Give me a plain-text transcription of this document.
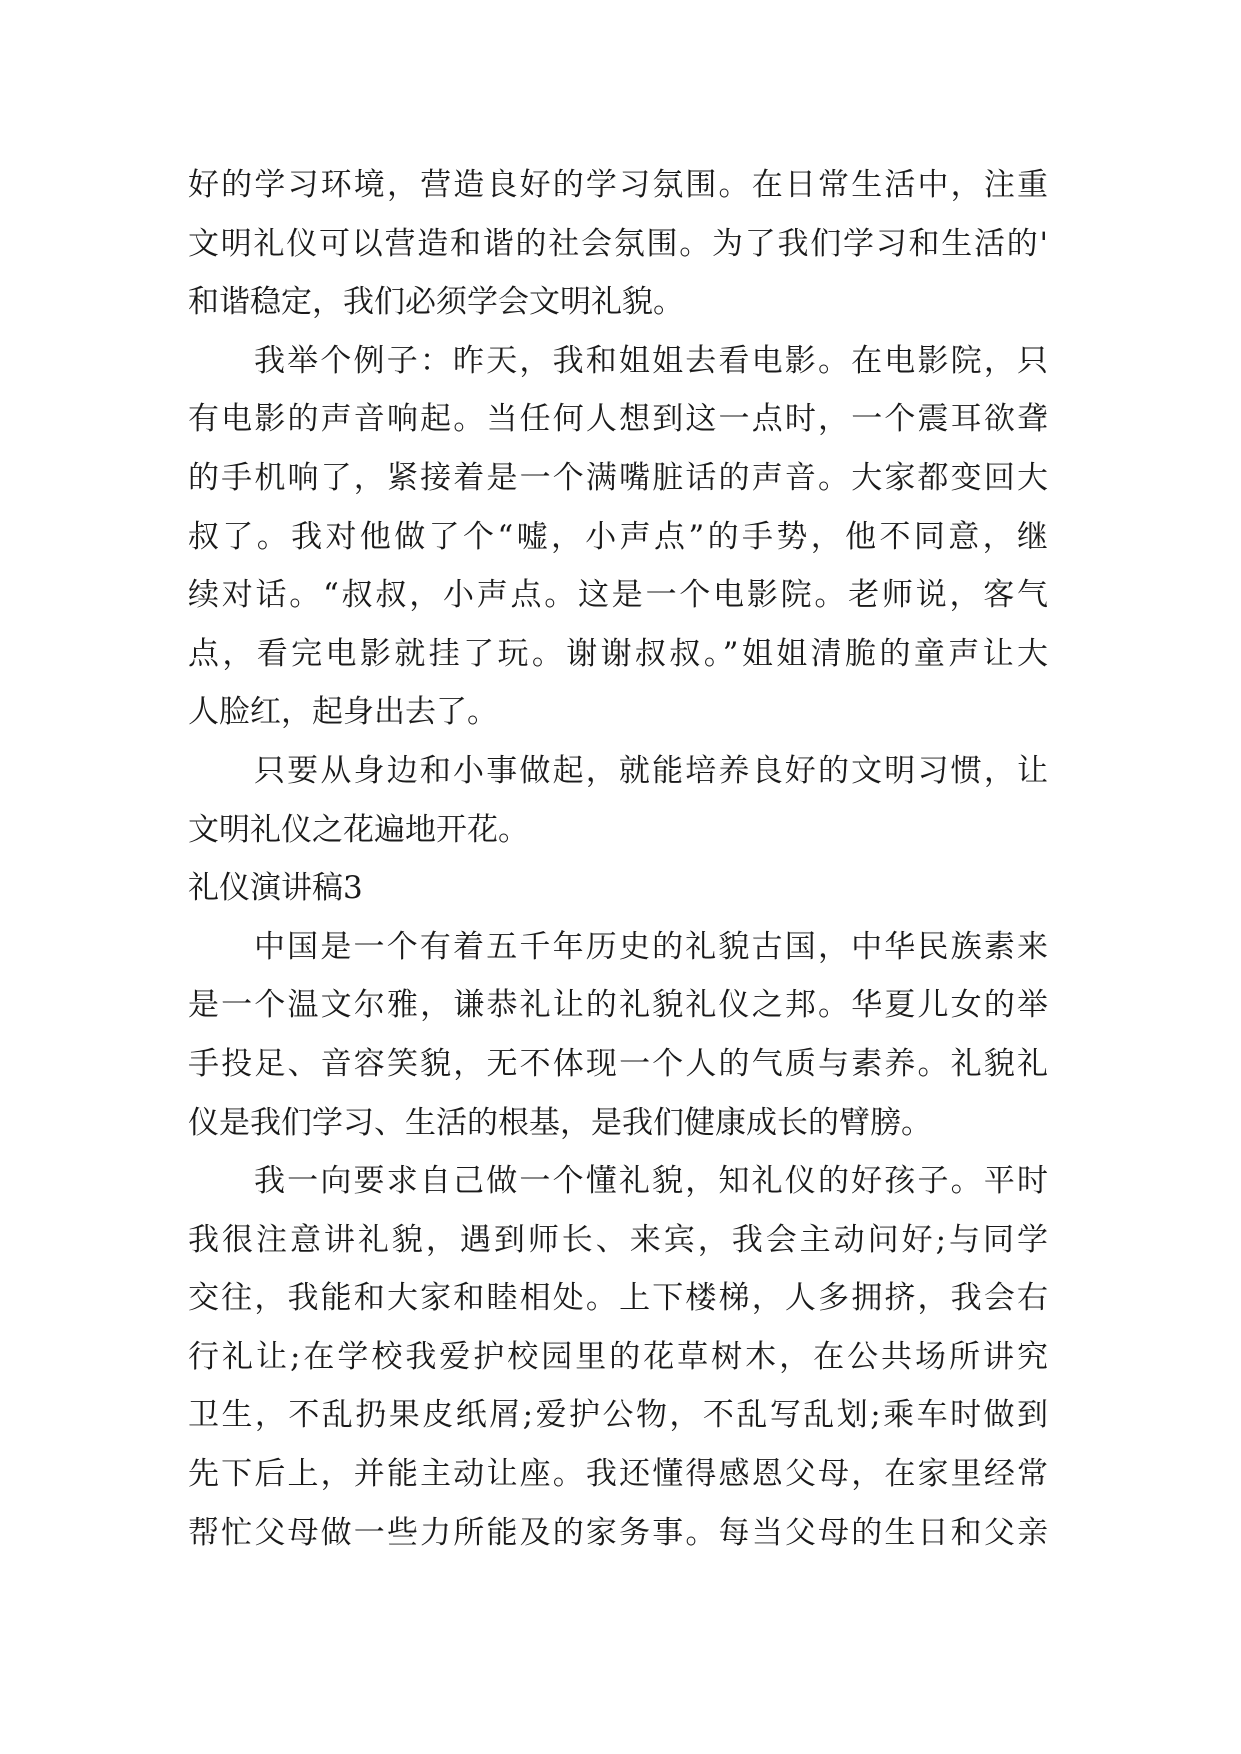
好的学习环境，营造良好的学习氛围。在日常生活中，注重
文明礼仪可以营造和谐的社会氛围。为了我们学习和生活的'
和谐稳定，我们必须学会文明礼貌。
我举个例子：昨天，我和姐姐去看电影。在电影院，只
有电影的声音响起。当任何人想到这一点时，一个震耳欲聋
的手机响了，紧接着是一个满嘴脏话的声音。大家都变回大
叔了。我对他做了个“嘘，小声点”的手势，他不同意，继
续对话。“叔叔，小声点。这是一个电影院。老师说，客气
点，看完电影就挂了玩。谢谢叔叔。”姐姐清脆的童声让大
人脸红，起身出去了。
只要从身边和小事做起，就能培养良好的文明习惯，让
文明礼仪之花遍地开花。
礼仪演讲稿3
中国是一个有着五千年历史的礼貌古国，中华民族素来
是一个温文尔雅，谦恭礼让的礼貌礼仪之邦。华夏儿女的举
手投足、音容笑貌，无不体现一个人的气质与素养。礼貌礼
仪是我们学习、生活的根基，是我们健康成长的臂膀。
我一向要求自己做一个懂礼貌，知礼仪的好孩子。平时
我很注意讲礼貌，遇到师长、来宾，我会主动问好;与同学
交往，我能和大家和睦相处。上下楼梯，人多拥挤，我会右
行礼让;在学校我爱护校园里的花草树木，在公共场所讲究
卫生，不乱扔果皮纸屑;爱护公物，不乱写乱划;乘车时做到
先下后上，并能主动让座。我还懂得感恩父母，在家里经常
帮忙父母做一些力所能及的家务事。每当父母的生日和父亲
